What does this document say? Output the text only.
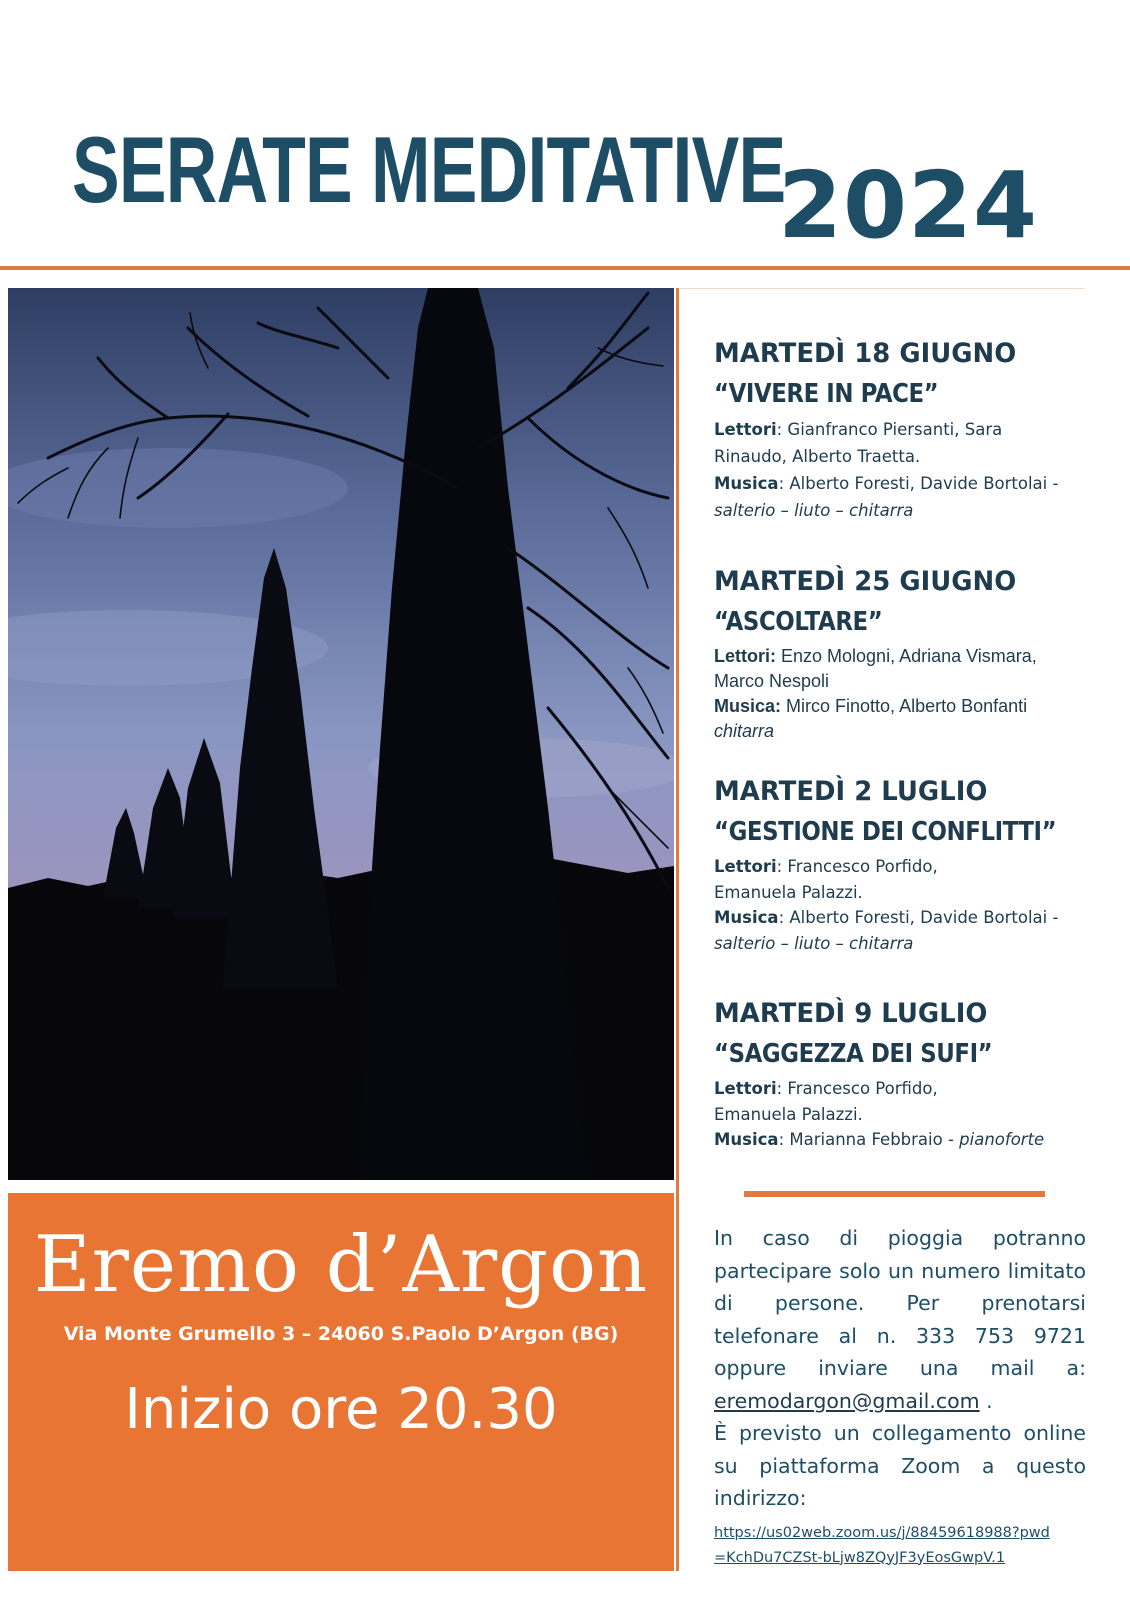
SERATE MEDITATIVE
2024
Eremo d’Argon
Via Monte Grumello 3 – 24060 S.Paolo D’Argon (BG)
Inizio ore 20.30

MARTEDÌ 18 GIUGNO

“VIVERE IN PACE”

Lettori: Gianfranco Piersanti, Sara

Rinaudo, Alberto Traetta.

Musica: Alberto Foresti, Davide Bortolai -

salterio – liuto – chitarra

MARTEDÌ 25 GIUGNO

“ASCOLTARE”

Lettori: Enzo Mologni, Adriana Vismara,

Marco Nespoli

Musica: Mirco Finotto, Alberto Bonfanti

chitarra

MARTEDÌ 2 LUGLIO

“GESTIONE DEI CONFLITTI”

Lettori: Francesco Porfido,

Emanuela Palazzi.

Musica: Alberto Foresti, Davide Bortolai -

salterio – liuto – chitarra

MARTEDÌ 9 LUGLIO

“SAGGEZZA DEI SUFI”

Lettori: Francesco Porfido,

Emanuela Palazzi.

Musica: Marianna Febbraio - pianoforte

In caso di pioggia potranno

partecipare solo un numero limitato

di persone. Per prenotarsi

telefonare al n. 333 753 9721

oppure inviare una mail a:

eremodargon@gmail.com .

È previsto un collegamento online

su piattaforma Zoom a questo

indirizzo:

https://us02web.zoom.us/j/88459618988?pwd

=KchDu7CZSt-bLjw8ZQyJF3yEosGwpV.1
